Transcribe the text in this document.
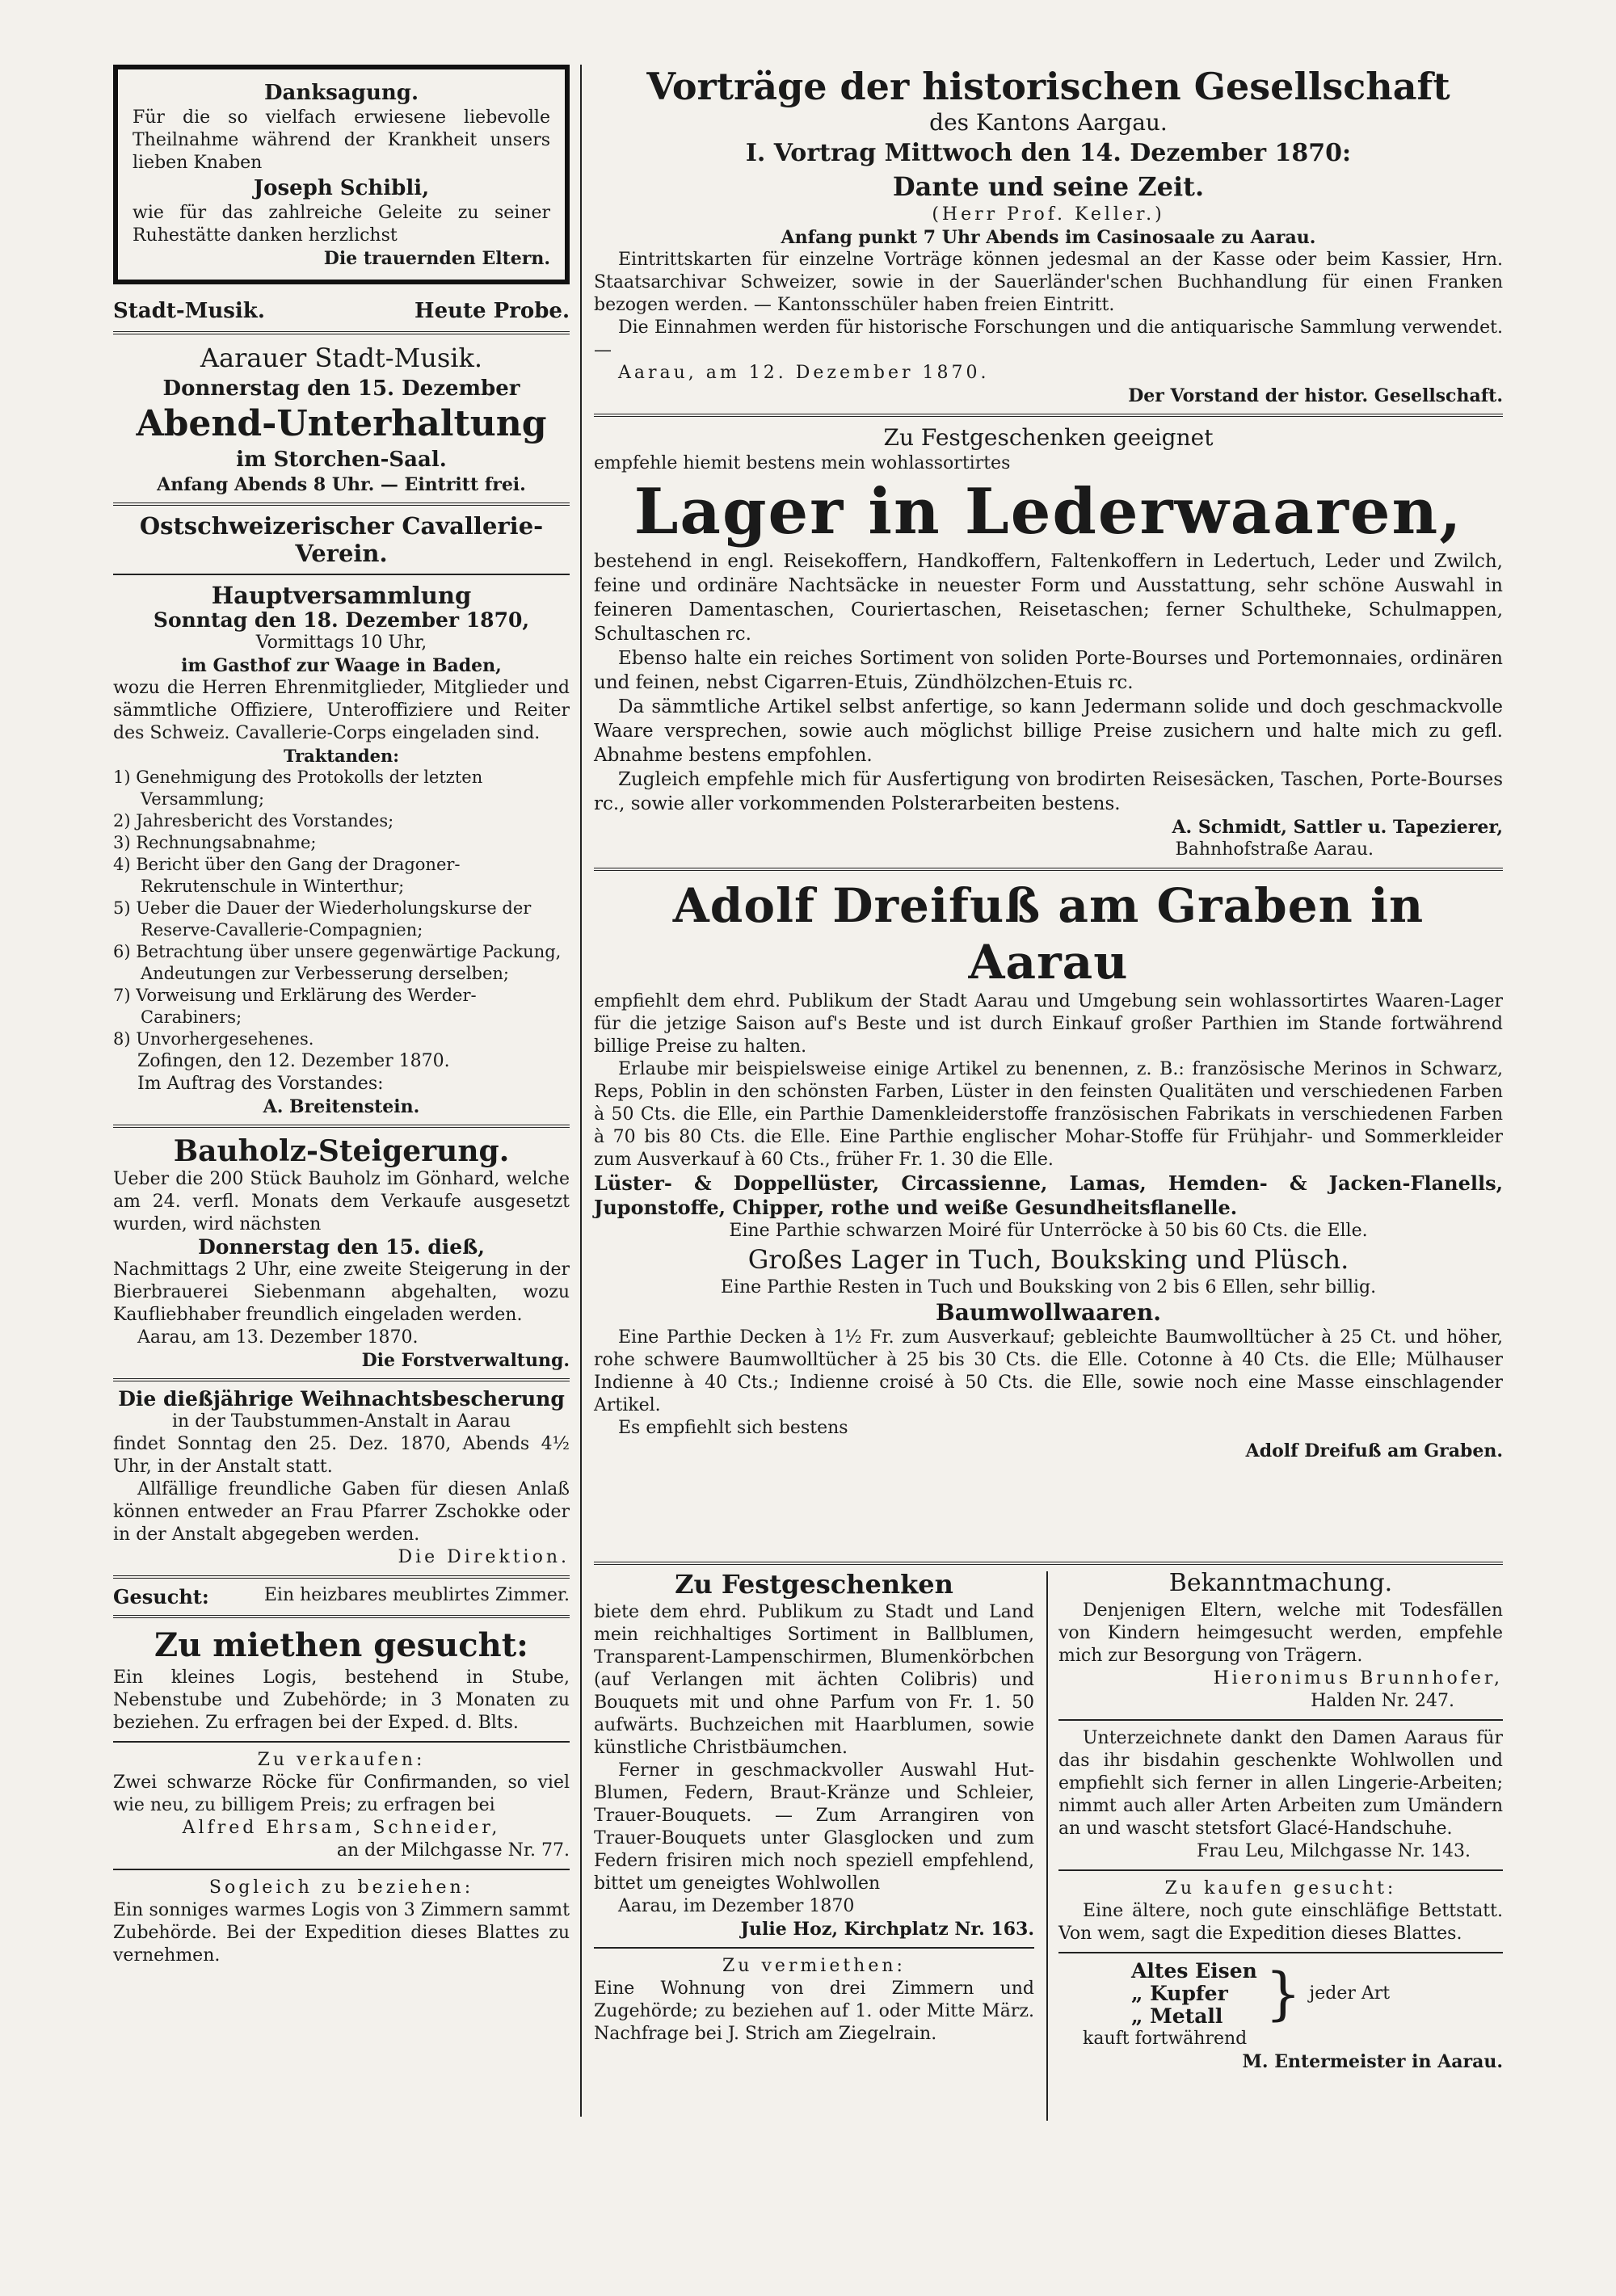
Danksagung.

Für die so vielfach erwiesene liebevolle Theilnahme während der Krankheit unsers lieben Knaben

Joseph Schibli,

wie für das zahlreiche Geleite zu seiner Ruhestätte danken herzlichst

Die trauernden Eltern.

Stadt-Musik.	Heute Probe.

Aarauer Stadt-Musik.

Donnerstag den 15. Dezember

Abend-Unterhaltung

im Storchen-Saal.

Anfang Abends 8 Uhr. — Eintritt frei.

Ostschweizerischer Cavallerie-Verein.

Hauptversammlung

Sonntag den 18. Dezember 1870,

Vormittags 10 Uhr,

im Gasthof zur Waage in Baden,

wozu die Herren Ehrenmitglieder, Mitglieder und sämmtliche Offiziere, Unteroffiziere und Reiter des Schweiz. Cavallerie-Corps eingeladen sind.

Traktanden:

1) Genehmigung des Protokolls der letzten Versammlung;

2) Jahresbericht des Vorstandes;

3) Rechnungsabnahme;

4) Bericht über den Gang der Dragoner-Rekrutenschule in Winterthur;

5) Ueber die Dauer der Wiederholungskurse der Reserve-Cavallerie-Compagnien;

6) Betrachtung über unsere gegenwärtige Packung, Andeutungen zur Verbesserung derselben;

7) Vorweisung und Erklärung des Werder-Carabiners;

8) Unvorhergesehenes.

Zofingen, den 12. Dezember 1870.

Im Auftrag des Vorstandes:

A. Breitenstein.

Bauholz-Steigerung.

Ueber die 200 Stück Bauholz im Gönhard, welche am 24. verfl. Monats dem Verkaufe ausgesetzt wurden, wird nächsten

Donnerstag den 15. dieß,

Nachmittags 2 Uhr, eine zweite Steigerung in der Bierbrauerei Siebenmann abgehalten, wozu Kaufliebhaber freundlich eingeladen werden.

Aarau, am 13. Dezember 1870.

Die Forstverwaltung.

Die dießjährige Weihnachtsbescherung

in der Taubstummen-Anstalt in Aarau

findet Sonntag den 25. Dez. 1870, Abends 4½ Uhr, in der Anstalt statt.

Allfällige freundliche Gaben für diesen Anlaß können entweder an Frau Pfarrer Zschokke oder in der Anstalt abgegeben werden.

Die Direktion.

Gesucht:	Ein heizbares meublirtes Zimmer.

Zu miethen gesucht:

Ein kleines Logis, bestehend in Stube, Nebenstube und Zubehörde; in 3 Monaten zu beziehen. Zu erfragen bei der Exped. d. Blts.

Zu verkaufen:

Zwei schwarze Röcke für Confirmanden, so viel wie neu, zu billigem Preis; zu erfragen bei

Alfred Ehrsam, Schneider,

an der Milchgasse Nr. 77.

Sogleich zu beziehen:

Ein sonniges warmes Logis von 3 Zimmern sammt Zubehörde. Bei der Expedition dieses Blattes zu vernehmen.

Vorträge der historischen Gesellschaft

des Kantons Aargau.

I. Vortrag Mittwoch den 14. Dezember 1870:

Dante und seine Zeit.

(Herr Prof. Keller.)

Anfang punkt 7 Uhr Abends im Casinosaale zu Aarau.

Eintrittskarten für einzelne Vorträge können jedesmal an der Kasse oder beim Kassier, Hrn. Staatsarchivar Schweizer, sowie in der Sauerländer'schen Buchhandlung für einen Franken bezogen werden. — Kantonsschüler haben freien Eintritt.

Die Einnahmen werden für historische Forschungen und die antiquarische Sammlung verwendet. —

Aarau, am 12. Dezember 1870.

Der Vorstand der histor. Gesellschaft.

Zu Festgeschenken geeignet

empfehle hiemit bestens mein wohlassortirtes

Lager in Lederwaaren,

bestehend in engl. Reisekoffern, Handkoffern, Faltenkoffern in Ledertuch, Leder und Zwilch, feine und ordinäre Nachtsäcke in neuester Form und Ausstattung, sehr schöne Auswahl in feineren Damentaschen, Couriertaschen, Reisetaschen; ferner Schultheke, Schulmappen, Schultaschen rc.

Ebenso halte ein reiches Sortiment von soliden Porte-Bourses und Portemonnaies, ordinären und feinen, nebst Cigarren-Etuis, Zündhölzchen-Etuis rc.

Da sämmtliche Artikel selbst anfertige, so kann Jedermann solide und doch geschmackvolle Waare versprechen, sowie auch möglichst billige Preise zusichern und halte mich zu gefl. Abnahme bestens empfohlen.

Zugleich empfehle mich für Ausfertigung von brodirten Reisesäcken, Taschen, Porte-Bourses rc., sowie aller vorkommenden Polsterarbeiten bestens.

A. Schmidt, Sattler u. Tapezierer,

Bahnhofstraße Aarau.

Adolf Dreifuß am Graben in Aarau

empfiehlt dem ehrd. Publikum der Stadt Aarau und Umgebung sein wohlassortirtes Waaren-Lager für die jetzige Saison auf's Beste und ist durch Einkauf großer Parthien im Stande fortwährend billige Preise zu halten.

Erlaube mir beispielsweise einige Artikel zu benennen, z. B.: französische Merinos in Schwarz, Reps, Poblin in den schönsten Farben, Lüster in den feinsten Qualitäten und verschiedenen Farben à 50 Cts. die Elle, ein Parthie Damenkleiderstoffe französischen Fabrikats in verschiedenen Farben à 70 bis 80 Cts. die Elle. Eine Parthie englischer Mohar-Stoffe für Frühjahr- und Sommerkleider zum Ausverkauf à 60 Cts., früher Fr. 1. 30 die Elle.

Lüster- & Doppellüster, Circassienne, Lamas, Hemden- & Jacken-Flanells, Juponstoffe, Chipper, rothe und weiße Gesundheitsflanelle.

Eine Parthie schwarzen Moiré für Unterröcke à 50 bis 60 Cts. die Elle.

Großes Lager in Tuch, Bouksking und Plüsch.

Eine Parthie Resten in Tuch und Bouksking von 2 bis 6 Ellen, sehr billig.

Baumwollwaaren.

Eine Parthie Decken à 1½ Fr. zum Ausverkauf; gebleichte Baumwolltücher à 25 Ct. und höher, rohe schwere Baumwolltücher à 25 bis 30 Cts. die Elle. Cotonne à 40 Cts. die Elle; Mülhauser Indienne à 40 Cts.; Indienne croisé à 50 Cts. die Elle, sowie noch eine Masse einschlagender Artikel.

Es empfiehlt sich bestens

Adolf Dreifuß am Graben.

Zu Festgeschenken

biete dem ehrd. Publikum zu Stadt und Land mein reichhaltiges Sortiment in Ballblumen, Transparent-Lampenschirmen, Blumenkörbchen (auf Verlangen mit ächten Colibris) und Bouquets mit und ohne Parfum von Fr. 1. 50 aufwärts. Buchzeichen mit Haarblumen, sowie künstliche Christbäumchen.

Ferner in geschmackvoller Auswahl Hut-Blumen, Federn, Braut-Kränze und Schleier, Trauer-Bouquets. — Zum Arrangiren von Trauer-Bouquets unter Glasglocken und zum Federn frisiren mich noch speziell empfehlend, bittet um geneigtes Wohlwollen

Aarau, im Dezember 1870

Julie Hoz, Kirchplatz Nr. 163.

Zu vermiethen:

Eine Wohnung von drei Zimmern und Zugehörde; zu beziehen auf 1. oder Mitte März. Nachfrage bei J. Strich am Ziegelrain.

Bekanntmachung.

Denjenigen Eltern, welche mit Todesfällen von Kindern heimgesucht werden, empfehle mich zur Besorgung von Trägern.

Hieronimus Brunnhofer,

Halden Nr. 247.

Unterzeichnete dankt den Damen Aaraus für das ihr bisdahin geschenkte Wohlwollen und empfiehlt sich ferner in allen Lingerie-Arbeiten; nimmt auch aller Arten Arbeiten zum Umändern an und wascht stetsfort Glacé-Handschuhe.

Frau Leu, Milchgasse Nr. 143.

Zu kaufen gesucht:

Eine ältere, noch gute einschläfige Bettstatt. Von wem, sagt die Expedition dieses Blattes.

Altes Eisen

„ Kupfer

„ Metall } jeder Art

kauft fortwährend

M. Entermeister in Aarau.
